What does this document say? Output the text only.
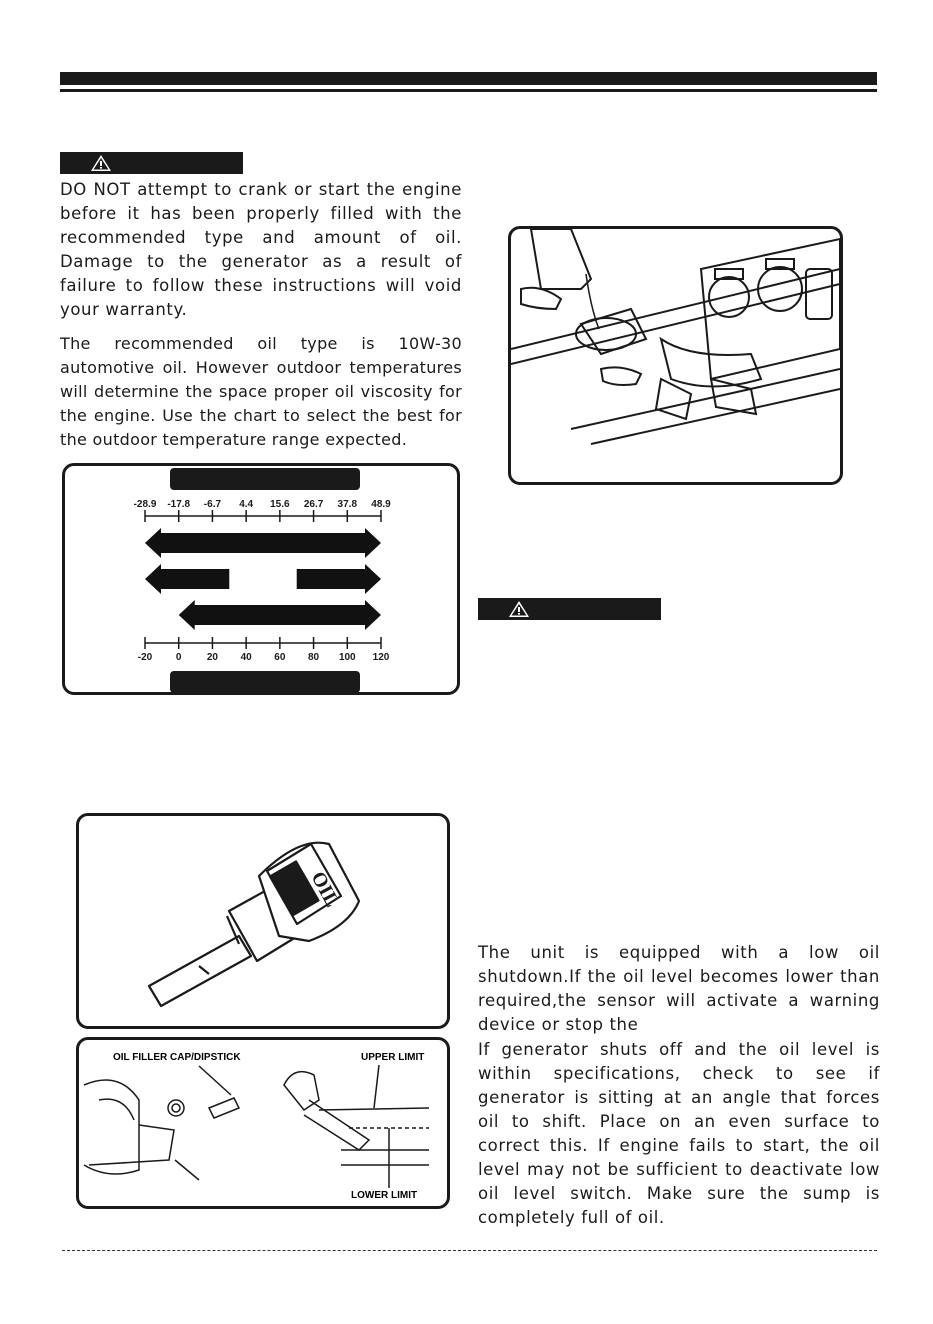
DO NOT attempt to crank or start the engine before it has been properly filled with the recommended type and amount of oil. Damage to the generator as a result of failure to follow these instructions will void your warranty.
The recommended oil type is 10W-30 automotive oil. However outdoor temperatures will determine the space proper oil viscosity for the engine. Use the chart to select the best for the outdoor temperature range expected.
-28.9 -17.8 -6.7 4.4 15.6 26.7 37.8 48.9
-20 0	20 40 60 80 100 120
OIL
OIL FILLER CAP/DIPSTICK	UPPER LIMIT
LOWER LIMIT
The unit is equipped with a low oil shutdown.If the oil level becomes lower than required,the sensor will activate a warning device or stop the
If generator shuts off and the oil level is within specifications, check to see if generator is sitting at an angle that forces oil to shift. Place on an even surface to correct this. If engine fails to start, the oil level may not be sufficient to deactivate low oil level switch. Make sure the sump is completely full of oil.
